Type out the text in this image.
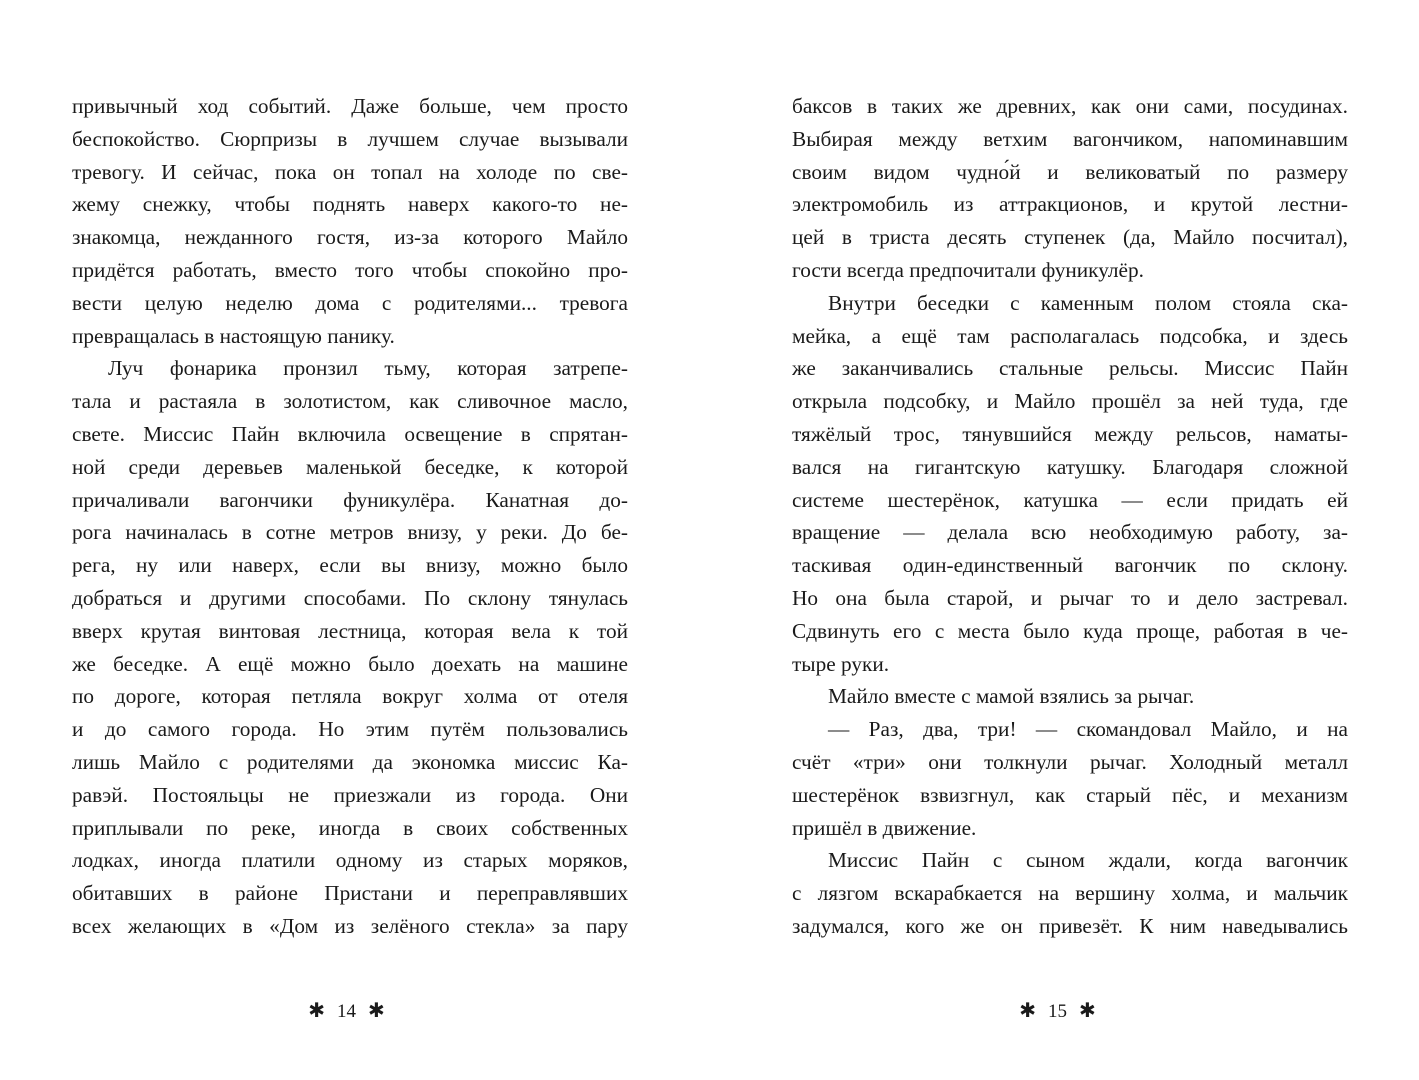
привычный ход событий. Даже больше, чем просто
беспокойство. Сюрпризы в лучшем случае вызывали
тревогу. И сейчас, пока он топал на холоде по све-
жему снежку, чтобы поднять наверх какого-то не-
знакомца, нежданного гостя, из-за которого Майло
придётся работать, вместо того чтобы спокойно про-
вести целую неделю дома с родителями... тревога
превращалась в настоящую панику.
Луч фонарика пронзил тьму, которая затрепе-
тала и растаяла в золотистом, как сливочное масло,
свете. Миссис Пайн включила освещение в спрятан-
ной среди деревьев маленькой беседке, к которой
причаливали вагончики фуникулёра. Канатная до-
рога начиналась в сотне метров внизу, у реки. До бе-
рега, ну или наверх, если вы внизу, можно было
добраться и другими способами. По склону тянулась
вверх крутая винтовая лестница, которая вела к той
же беседке. А ещё можно было доехать на машине
по дороге, которая петляла вокруг холма от отеля
и до самого города. Но этим путём пользовались
лишь Майло с родителями да экономка миссис Ка-
равэй. Постояльцы не приезжали из города. Они
приплывали по реке, иногда в своих собственных
лодках, иногда платили одному из старых моряков,
обитавших в районе Пристани и переправлявших
всех желающих в «Дом из зелёного стекла» за пару
✱ 14 ✱
баксов в таких же древних, как они сами, посудинах.
Выбирая между ветхим вагончиком, напоминавшим
своим видом чудно́й и великоватый по размеру
электромобиль из аттракционов, и крутой лестни-
цей в триста десять ступенек (да, Майло посчитал),
гости всегда предпочитали фуникулёр.
Внутри беседки с каменным полом стояла ска-
мейка, а ещё там располагалась подсобка, и здесь
же заканчивались стальные рельсы. Миссис Пайн
открыла подсобку, и Майло прошёл за ней туда, где
тяжёлый трос, тянувшийся между рельсов, наматы-
вался на гигантскую катушку. Благодаря сложной
системе шестерёнок, катушка — если придать ей
вращение — делала всю необходимую работу, за-
таскивая один-единственный вагончик по склону.
Но она была старой, и рычаг то и дело застревал.
Сдвинуть его с места было куда проще, работая в че-
тыре руки.
Майло вместе с мамой взялись за рычаг.
— Раз, два, три! — скомандовал Майло, и на
счёт «три» они толкнули рычаг. Холодный металл
шестерёнок взвизгнул, как старый пёс, и механизм
пришёл в движение.
Миссис Пайн с сыном ждали, когда вагончик
с лязгом вскарабкается на вершину холма, и мальчик
задумался, кого же он привезёт. К ним наведывались
✱ 15 ✱
